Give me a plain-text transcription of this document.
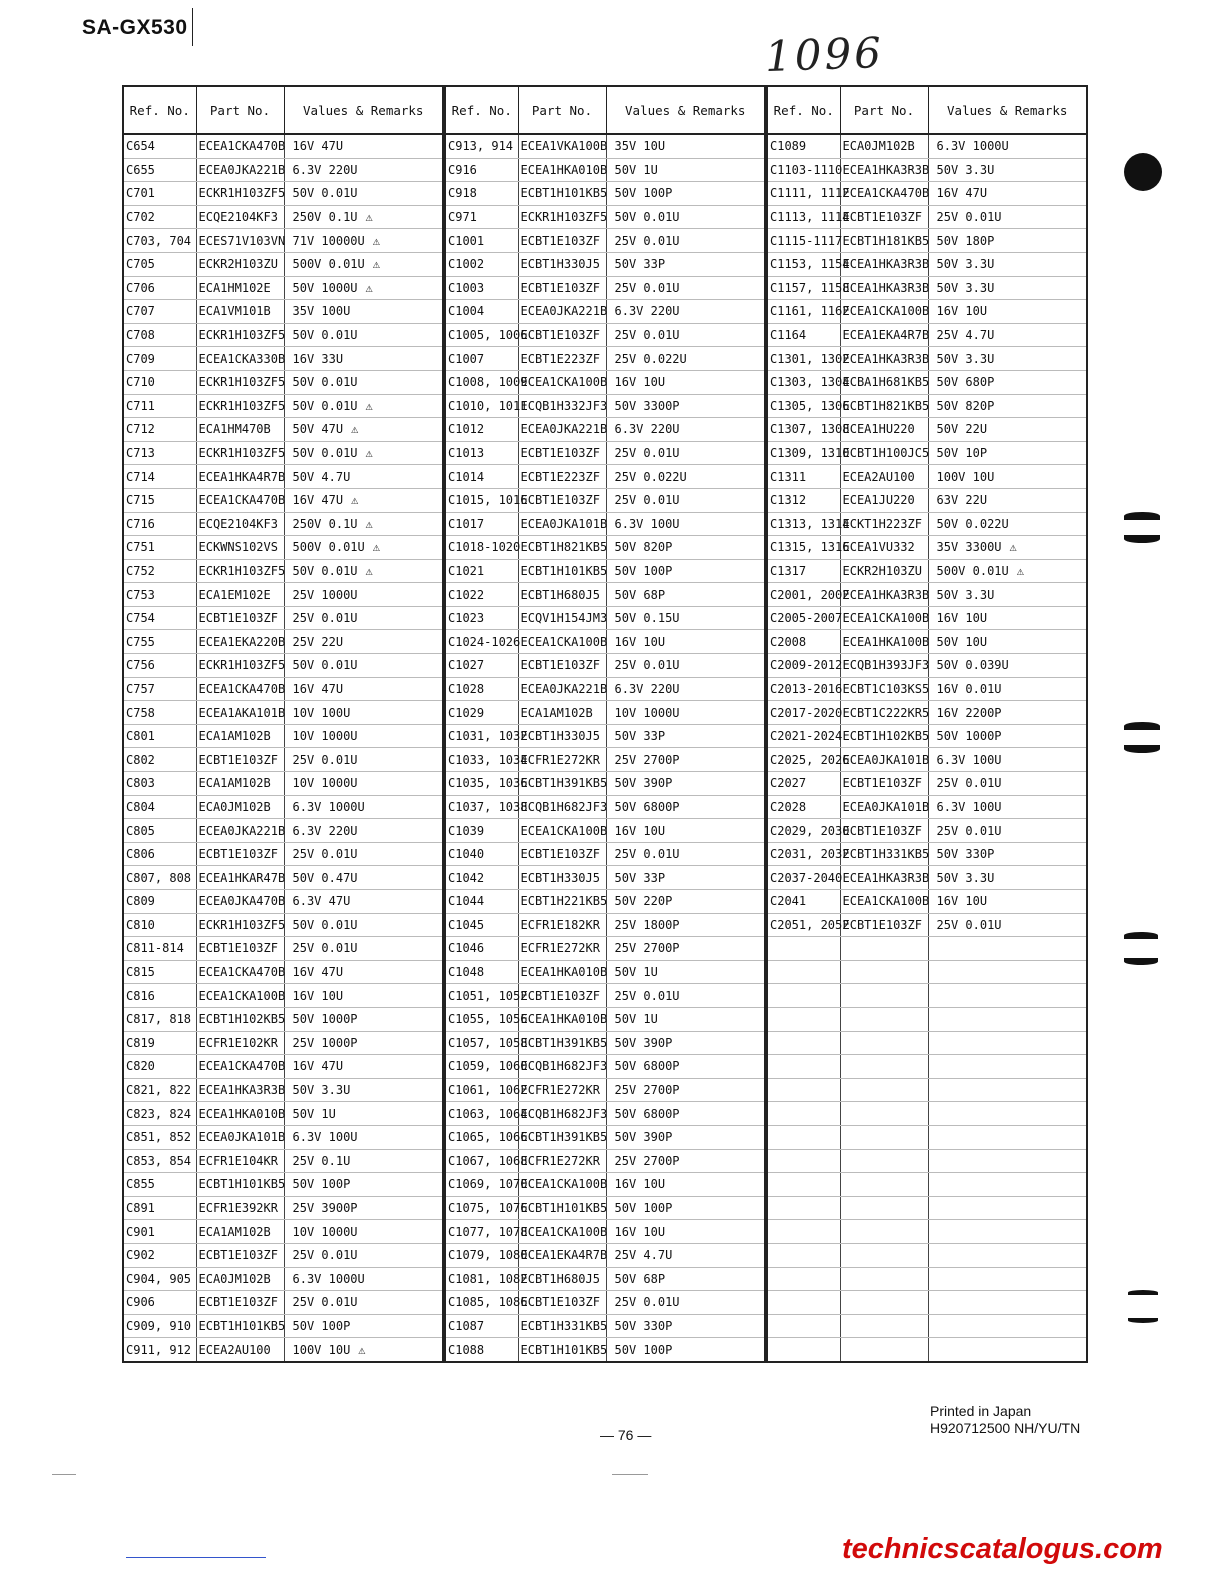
SA-GX530
1096
Ref. No.	Part No.	Values & Remarks
C654	ECEA1CKA470B	16V 47U
C655	ECEA0JKA221B	6.3V 220U
C701	ECKR1H103ZF5	50V 0.01U
C702	ECQE2104KF3	250V 0.1U ⚠
C703, 704	ECES71V103VN	71V 10000U ⚠
C705	ECKR2H103ZU	500V 0.01U ⚠
C706	ECA1HM102E	50V 1000U ⚠
C707	ECA1VM101B	35V 100U
C708	ECKR1H103ZF5	50V 0.01U
C709	ECEA1CKA330B	16V 33U
C710	ECKR1H103ZF5	50V 0.01U
C711	ECKR1H103ZF5	50V 0.01U ⚠
C712	ECA1HM470B	50V 47U ⚠
C713	ECKR1H103ZF5	50V 0.01U ⚠
C714	ECEA1HKA4R7B	50V 4.7U
C715	ECEA1CKA470B	16V 47U ⚠
C716	ECQE2104KF3	250V 0.1U ⚠
C751	ECKWNS102VS	500V 0.01U ⚠
C752	ECKR1H103ZF5	50V 0.01U ⚠
C753	ECA1EM102E	25V 1000U
C754	ECBT1E103ZF	25V 0.01U
C755	ECEA1EKA220B	25V 22U
C756	ECKR1H103ZF5	50V 0.01U
C757	ECEA1CKA470B	16V 47U
C758	ECEA1AKA101B	10V 100U
C801	ECA1AM102B	10V 1000U
C802	ECBT1E103ZF	25V 0.01U
C803	ECA1AM102B	10V 1000U
C804	ECA0JM102B	6.3V 1000U
C805	ECEA0JKA221B	6.3V 220U
C806	ECBT1E103ZF	25V 0.01U
C807, 808	ECEA1HKAR47B	50V 0.47U
C809	ECEA0JKA470B	6.3V 47U
C810	ECKR1H103ZF5	50V 0.01U
C811-814	ECBT1E103ZF	25V 0.01U
C815	ECEA1CKA470B	16V 47U
C816	ECEA1CKA100B	16V 10U
C817, 818	ECBT1H102KB5	50V 1000P
C819	ECFR1E102KR	25V 1000P
C820	ECEA1CKA470B	16V 47U
C821, 822	ECEA1HKA3R3B	50V 3.3U
C823, 824	ECEA1HKA010B	50V 1U
C851, 852	ECEA0JKA101B	6.3V 100U
C853, 854	ECFR1E104KR	25V 0.1U
C855	ECBT1H101KB5	50V 100P
C891	ECFR1E392KR	25V 3900P
C901	ECA1AM102B	10V 1000U
C902	ECBT1E103ZF	25V 0.01U
C904, 905	ECA0JM102B	6.3V 1000U
C906	ECBT1E103ZF	25V 0.01U
C909, 910	ECBT1H101KB5	50V 100P
C911, 912	ECEA2AU100	100V 10U ⚠
Ref. No.	Part No.	Values & Remarks
C913, 914	ECEA1VKA100B	35V 10U
C916	ECEA1HKA010B	50V 1U
C918	ECBT1H101KB5	50V 100P
C971	ECKR1H103ZF5	50V 0.01U
C1001	ECBT1E103ZF	25V 0.01U
C1002	ECBT1H330J5	50V 33P
C1003	ECBT1E103ZF	25V 0.01U
C1004	ECEA0JKA221B	6.3V 220U
C1005, 1006	ECBT1E103ZF	25V 0.01U
C1007	ECBT1E223ZF	25V 0.022U
C1008, 1009	ECEA1CKA100B	16V 10U
C1010, 1011	ECQB1H332JF3	50V 3300P
C1012	ECEA0JKA221B	6.3V 220U
C1013	ECBT1E103ZF	25V 0.01U
C1014	ECBT1E223ZF	25V 0.022U
C1015, 1016	ECBT1E103ZF	25V 0.01U
C1017	ECEA0JKA101B	6.3V 100U
C1018-1020	ECBT1H821KB5	50V 820P
C1021	ECBT1H101KB5	50V 100P
C1022	ECBT1H680J5	50V 68P
C1023	ECQV1H154JM3	50V 0.15U
C1024-1026	ECEA1CKA100B	16V 10U
C1027	ECBT1E103ZF	25V 0.01U
C1028	ECEA0JKA221B	6.3V 220U
C1029	ECA1AM102B	10V 1000U
C1031, 1032	ECBT1H330J5	50V 33P
C1033, 1034	ECFR1E272KR	25V 2700P
C1035, 1036	ECBT1H391KB5	50V 390P
C1037, 1038	ECQB1H682JF3	50V 6800P
C1039	ECEA1CKA100B	16V 10U
C1040	ECBT1E103ZF	25V 0.01U
C1042	ECBT1H330J5	50V 33P
C1044	ECBT1H221KB5	50V 220P
C1045	ECFR1E182KR	25V 1800P
C1046	ECFR1E272KR	25V 2700P
C1048	ECEA1HKA010B	50V 1U
C1051, 1052	ECBT1E103ZF	25V 0.01U
C1055, 1056	ECEA1HKA010B	50V 1U
C1057, 1058	ECBT1H391KB5	50V 390P
C1059, 1060	ECQB1H682JF3	50V 6800P
C1061, 1062	ECFR1E272KR	25V 2700P
C1063, 1064	ECQB1H682JF3	50V 6800P
C1065, 1066	ECBT1H391KB5	50V 390P
C1067, 1068	ECFR1E272KR	25V 2700P
C1069, 1070	ECEA1CKA100B	16V 10U
C1075, 1076	ECBT1H101KB5	50V 100P
C1077, 1078	ECEA1CKA100B	16V 10U
C1079, 1080	ECEA1EKA4R7B	25V 4.7U
C1081, 1082	ECBT1H680J5	50V 68P
C1085, 1086	ECBT1E103ZF	25V 0.01U
C1087	ECBT1H331KB5	50V 330P
C1088	ECBT1H101KB5	50V 100P
Ref. No.	Part No.	Values & Remarks
C1089	ECA0JM102B	6.3V 1000U
C1103-1110	ECEA1HKA3R3B	50V 3.3U
C1111, 1112	ECEA1CKA470B	16V 47U
C1113, 1114	ECBT1E103ZF	25V 0.01U
C1115-1117	ECBT1H181KB5	50V 180P
C1153, 1154	ECEA1HKA3R3B	50V 3.3U
C1157, 1158	ECEA1HKA3R3B	50V 3.3U
C1161, 1162	ECEA1CKA100B	16V 10U
C1164	ECEA1EKA4R7B	25V 4.7U
C1301, 1302	ECEA1HKA3R3B	50V 3.3U
C1303, 1304	ECBA1H681KB5	50V 680P
C1305, 1306	ECBT1H821KB5	50V 820P
C1307, 1308	ECEA1HU220	50V 22U
C1309, 1310	ECBT1H100JC5	50V 10P
C1311	ECEA2AU100	100V 10U
C1312	ECEA1JU220	63V 22U
C1313, 1314	ECKT1H223ZF	50V 0.022U
C1315, 1316	ECEA1VU332	35V 3300U ⚠
C1317	ECKR2H103ZU	500V 0.01U ⚠
C2001, 2002	ECEA1HKA3R3B	50V 3.3U
C2005-2007	ECEA1CKA100B	16V 10U
C2008	ECEA1HKA100B	50V 10U
C2009-2012	ECQB1H393JF3	50V 0.039U
C2013-2016	ECBT1C103KS5	16V 0.01U
C2017-2020	ECBT1C222KR5	16V 2200P
C2021-2024	ECBT1H102KB5	50V 1000P
C2025, 2026	ECEA0JKA101B	6.3V 100U
C2027	ECBT1E103ZF	25V 0.01U
C2028	ECEA0JKA101B	6.3V 100U
C2029, 2030	ECBT1E103ZF	25V 0.01U
C2031, 2032	ECBT1H331KB5	50V 330P
C2037-2040	ECEA1HKA3R3B	50V 3.3U
C2041	ECEA1CKA100B	16V 10U
C2051, 2052	ECBT1E103ZF	25V 0.01U

— 76 —
Printed in Japan
H920712500 NH/YU/TN
technicscatalogus.com
